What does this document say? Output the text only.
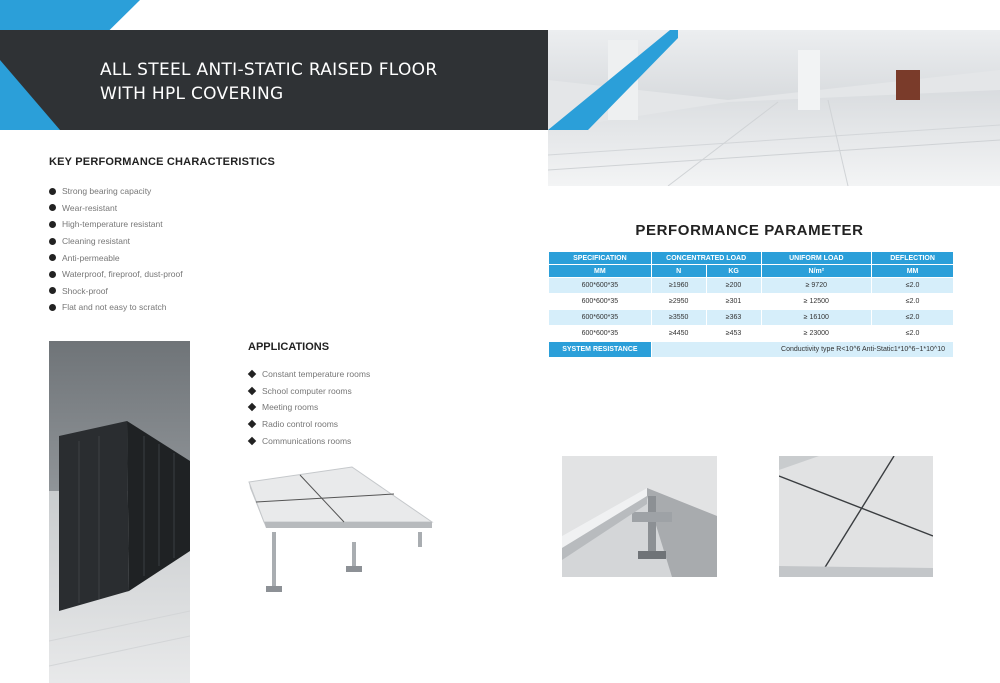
ALL STEEL ANTI-STATIC RAISED FLOOR
WITH HPL COVERING
KEY PERFORMANCE CHARACTERISTICS
Strong bearing capacity
Wear-resistant
High-temperature resistant
Cleaning resistant
Anti-permeable
Waterproof, fireproof, dust-proof
Shock-proof
Flat and not easy to scratch
APPLICATIONS
Constant temperature rooms
School computer rooms
Meeting rooms
Radio control rooms
Communications rooms
PERFORMANCE PARAMETER
SPECIFICATION	CONCENTRATED LOAD		UNIFORM LOAD	DEFLECTION
MM	N	KG	N/m²	MM
600*600*35	≥1960	≥200	≥ 9720	≤2.0
600*600*35	≥2950	≥301	≥ 12500	≤2.0
600*600*35	≥3550	≥363	≥ 16100	≤2.0
600*600*35	≥4450	≥453	≥ 23000	≤2.0
SYSTEM RESISTANCE	Conductivity type R<10^6 Anti-Static1*10^6~1*10^10			
